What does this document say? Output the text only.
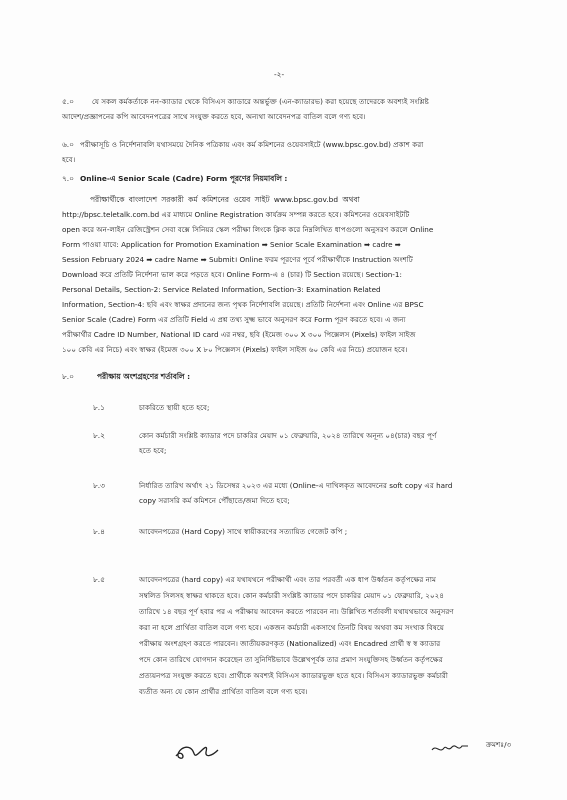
-২-
৫.০	যে সকল কর্মকর্তাকে নন-ক্যাডার থেকে বিসিএস ক্যাডারে অন্তর্ভুক্ত (এন-ক্যাডারভ) করা হয়েছে তাদেরকে অবশ্যই সংশ্লিষ্ট
আদেশ/প্রজ্ঞাপনের কপি আবেদনপত্রের সাথে সংযুক্ত করতে হবে, অন্যথা আবেদনপত্র বাতিল বলে গণ্য হবে।
৬.০ পরীক্ষাসূচি ও নির্দেশনাবলি যথাসময়ে দৈনিক পত্রিকায় এবং কর্ম কমিশনের ওয়েবসাইটে (www.bpsc.gov.bd) প্রকাশ করা
হবে।
৭.০ Online-এ Senior Scale (Cadre) Form পূরণের নিয়মাবলি :
পরীক্ষার্থীকে বাংলাদেশ সরকারী কর্ম কমিশনের ওয়েব সাইট www.bpsc.gov.bd অথবা
http://bpsc.teletalk.com.bd এর মাধ্যমে Online Registration কার্যক্রম সম্পন্ন করতে হবে। কমিশনের ওয়েবসাইটটি
open করে অন-লাইন রেজিস্ট্রেশন সেবা বক্সে সিনিয়র স্কেল পরীক্ষা লিংকে ক্লিক করে নিম্নলিখিত ধাপগুলো অনুসরণ করলে Online
Form পাওয়া যাবে: Application for Promotion Examination ➡ Senior Scale Examination ➡ cadre ➡
Session February 2024 ➡ cadre Name ➡ Submit। Online ফরম পূরণের পূর্বে পরীক্ষার্থীকে Instruction অংশটি
Download করে প্রতিটি নির্দেশনা ভাল করে পড়তে হবে। Online Form-এ ৪ (চার) টি Section রয়েছে। Section-1:
Personal Details, Section-2: Service Related Information, Section-3: Examination Related
Information, Section-4: ছবি এবং স্বাক্ষর প্রদানের জন্য পৃথক নির্দেশাবলি রয়েছে। প্রতিটি নির্দেশনা এবং Online এর BPSC
Senior Scale (Cadre) Form এর প্রতিটি Field এ প্রশ্ন তথ্য সুক্ষ্ম ভাবে অনুসরণ করে Form পূরণ করতে হবে। এ জন্য
পরীক্ষার্থীর Cadre ID Number, National ID card এর নম্বর, ছবি (ইমেজ ৩০০ X ৩০০ পিক্সেলস (Pixels) ফাইল সাইজ
১০০ কেবি এর নিচে) এবং স্বাক্ষর (ইমেজ ৩০০ X ৮০ পিক্সেলস (Pixels) ফাইল সাইজ ৬০ কেবি এর নিচে) প্রয়োজন হবে।
৮.০	পরীক্ষায় অংশগ্রহণের শর্তাবলি :
৮.১	চাকরিতে স্থায়ী হতে হবে;
৮.২	কোন কর্মচারী সংশ্লিষ্ট ক্যাডার পদে চাকরির মেয়াদ ০১ ফেব্রুয়ারি, ২০২৪ তারিখে অনূন্য ০৪(চার) বছর পূর্ণ
হতে হবে;
৮.৩	নির্ধারিত তারিখ অর্থাৎ ২১ ডিসেম্বর ২০২৩ এর মধ্যে (Online-এ দাখিলকৃত আবেদনের soft copy এর hard
copy সরাসরি কর্ম কমিশনে পৌঁছাতে/জমা দিতে হবে;
৮.৪	আবেদনপত্রের (Hard Copy) সাথে স্বায়ীকরণের সত্যায়িত গেজেট কপি ;
৮.৫	আবেদনপত্রের (hard copy) এর যথাযথনে পরীক্ষার্থী এবং তার পরবর্তী এক ধাপ উর্ধ্বতন কর্তৃপক্ষের নাম
সম্বলিত সিলসহ স্বাক্ষর থাকতে হবে। কোন কর্মচারী সংশ্লিষ্ট ক্যাডার পদে চাকরির মেয়াদ ০১ ফেব্রুয়ারি, ২০২৪
তারিখে ১৪ বছর পূর্ণ হবার পর এ পরীক্ষায় আবেদন করতে পারবেন না। উল্লিখিত শর্তাবলী যথাযথভাবে অনুসরণ
করা না হলে প্রার্থিতা বাতিল বলে গণ্য হবে। একজন কর্মচারী একসাথে তিনটি বিষয় অথবা কম সংখ্যক বিষয়ে
পরীক্ষায় অংশগ্রহণ করতে পারবেন। জাতীয়করণকৃত (Nationalized) এবং Encadred প্রার্থী স্ব স্ব ক্যাডার
পদে কোন তারিখে যোগদান করেছেন তা সুনির্দিষ্টভাবে উল্লেখপূর্বক তার প্রমাণ সংযুক্তিসহ উর্ধ্বতন কর্তৃপক্ষের
প্রত্যয়নপত্র সংযুক্ত করতে হবে। প্রার্থীকে অবশ্যই বিসিএস ক্যাডারভুক্ত হতে হবে। বিসিএস ক্যাডারভুক্ত কর্মচারী
ব্যতীত অন্য যে কোন প্রার্থীর প্রার্থিতা বাতিল বলে গণ্য হবে।
ক্রমশঃ/৩
